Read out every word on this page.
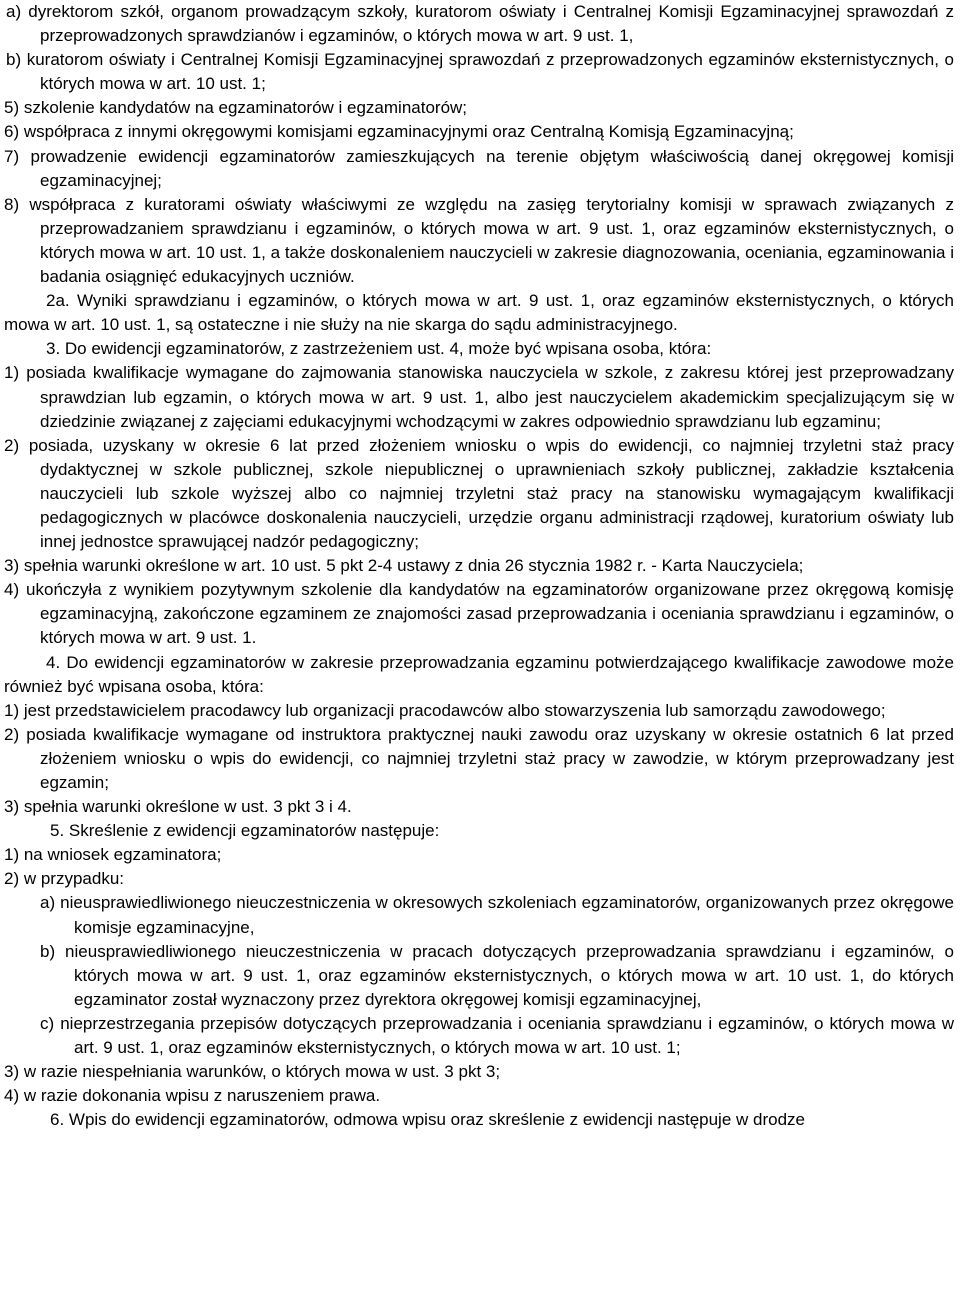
a) dyrektorom szkół, organom prowadzącym szkoły, kuratorom oświaty i Centralnej Komisji Egzaminacyjnej sprawozdań z przeprowadzonych sprawdzianów i egzaminów, o których mowa w art. 9 ust. 1,
b) kuratorom oświaty i Centralnej Komisji Egzaminacyjnej sprawozdań z przeprowadzonych egzaminów eksternistycznych, o których mowa w art. 10 ust. 1;
5) szkolenie kandydatów na egzaminatorów i egzaminatorów;
6) współpraca z innymi okręgowymi komisjami egzaminacyjnymi oraz Centralną Komisją Egzaminacyjną;
7) prowadzenie ewidencji egzaminatorów zamieszkujących na terenie objętym właściwością danej okręgowej komisji egzaminacyjnej;
8) współpraca z kuratorami oświaty właściwymi ze względu na zasięg terytorialny komisji w sprawach związanych z przeprowadzaniem sprawdzianu i egzaminów, o których mowa w art. 9 ust. 1, oraz egzaminów eksternistycznych, o których mowa w art. 10 ust. 1, a także doskonaleniem nauczycieli w zakresie diagnozowania, oceniania, egzaminowania i badania osiągnięć edukacyjnych uczniów.
2a. Wyniki sprawdzianu i egzaminów, o których mowa w art. 9 ust. 1, oraz egzaminów eksternistycznych, o których mowa w art. 10 ust. 1, są ostateczne i nie służy na nie skarga do sądu administracyjnego.
3. Do ewidencji egzaminatorów, z zastrzeżeniem ust. 4, może być wpisana osoba, która:
1) posiada kwalifikacje wymagane do zajmowania stanowiska nauczyciela w szkole, z zakresu której jest przeprowadzany sprawdzian lub egzamin, o których mowa w art. 9 ust. 1, albo jest nauczycielem akademickim specjalizującym się w dziedzinie związanej z zajęciami edukacyjnymi wchodzącymi w zakres odpowiednio sprawdzianu lub egzaminu;
2) posiada, uzyskany w okresie 6 lat przed złożeniem wniosku o wpis do ewidencji, co najmniej trzyletni staż pracy dydaktycznej w szkole publicznej, szkole niepublicznej o uprawnieniach szkoły publicznej, zakładzie kształcenia nauczycieli lub szkole wyższej albo co najmniej trzyletni staż pracy na stanowisku wymagającym kwalifikacji pedagogicznych w placówce doskonalenia nauczycieli, urzędzie organu administracji rządowej, kuratorium oświaty lub innej jednostce sprawującej nadzór pedagogiczny;
3) spełnia warunki określone w art. 10 ust. 5 pkt 2-4 ustawy z dnia 26 stycznia 1982 r. - Karta Nauczyciela;
4) ukończyła z wynikiem pozytywnym szkolenie dla kandydatów na egzaminatorów organizowane przez okręgową komisję egzaminacyjną, zakończone egzaminem ze znajomości zasad przeprowadzania i oceniania sprawdzianu i egzaminów, o których mowa w art. 9 ust. 1.
4. Do ewidencji egzaminatorów w zakresie przeprowadzania egzaminu potwierdzającego kwalifikacje zawodowe może również być wpisana osoba, która:
1) jest przedstawicielem pracodawcy lub organizacji pracodawców albo stowarzyszenia lub samorządu zawodowego;
2) posiada kwalifikacje wymagane od instruktora praktycznej nauki zawodu oraz uzyskany w okresie ostatnich 6 lat przed złożeniem wniosku o wpis do ewidencji, co najmniej trzyletni staż pracy w zawodzie, w którym przeprowadzany jest egzamin;
3) spełnia warunki określone w ust. 3 pkt 3 i 4.
5. Skreślenie z ewidencji egzaminatorów następuje:
1) na wniosek egzaminatora;
2) w przypadku:
a) nieusprawiedliwionego nieuczestniczenia w okresowych szkoleniach egzaminatorów, organizowanych przez okręgowe komisje egzaminacyjne,
b) nieusprawiedliwionego nieuczestniczenia w pracach dotyczących przeprowadzania sprawdzianu i egzaminów, o których mowa w art. 9 ust. 1, oraz egzaminów eksternistycznych, o których mowa w art. 10 ust. 1, do których egzaminator został wyznaczony przez dyrektora okręgowej komisji egzaminacyjnej,
c) nieprzestrzegania przepisów dotyczących przeprowadzania i oceniania sprawdzianu i egzaminów, o których mowa w art. 9 ust. 1, oraz egzaminów eksternistycznych, o których mowa w art. 10 ust. 1;
3) w razie niespełniania warunków, o których mowa w ust. 3 pkt 3;
4) w razie dokonania wpisu z naruszeniem prawa.
6. Wpis do ewidencji egzaminatorów, odmowa wpisu oraz skreślenie z ewidencji następuje w drodze
